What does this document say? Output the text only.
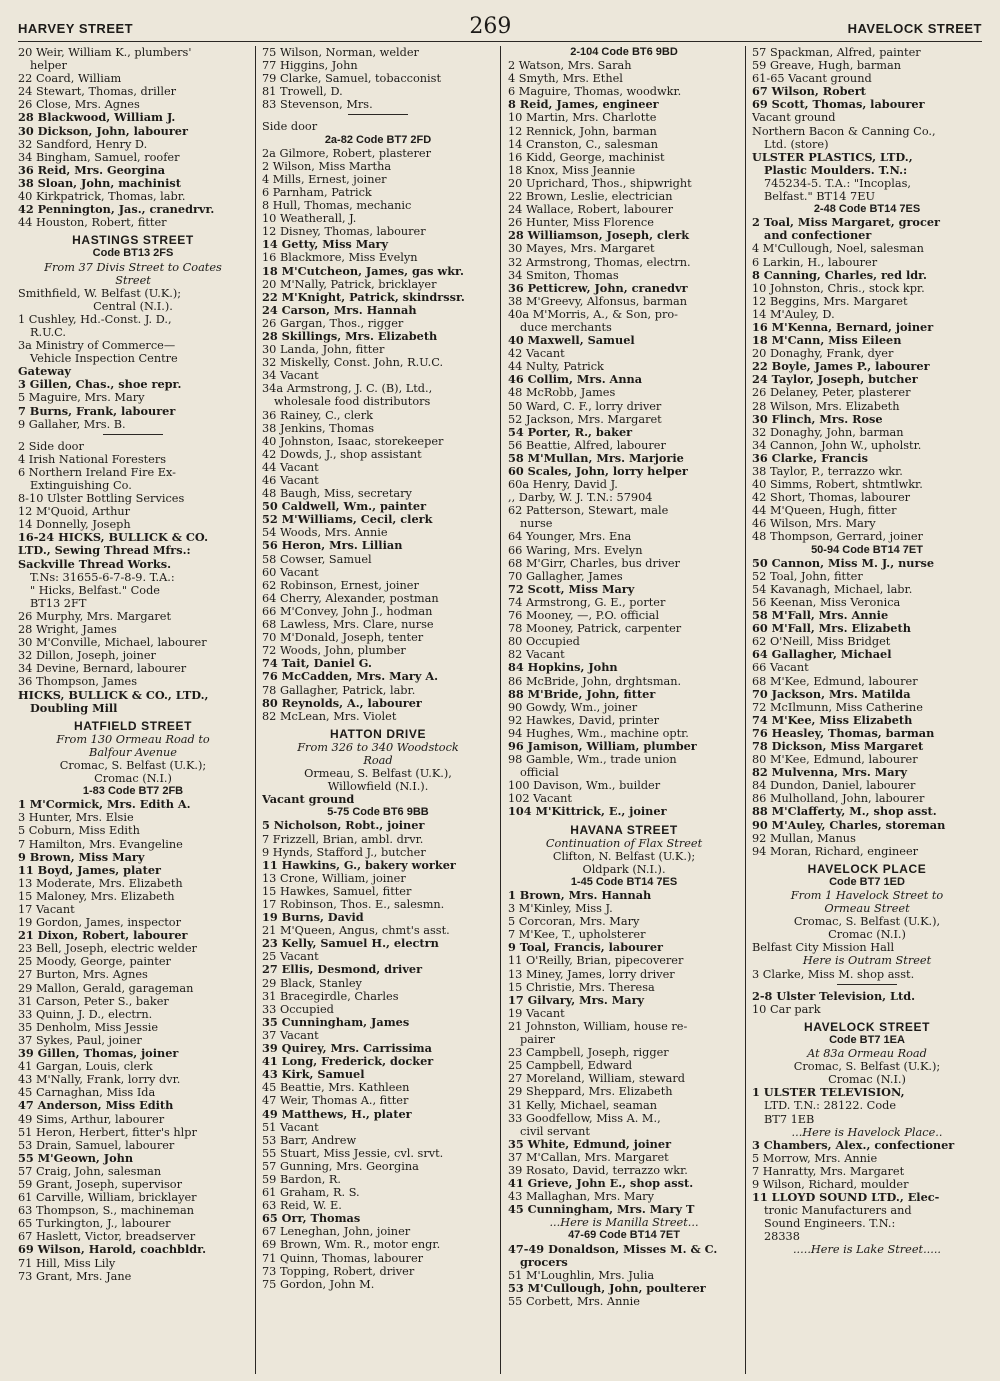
HARVEY STREET	269	HAVELOCK STREET
20 Weir, William K., plumbers'
helper
22 Coard, William
24 Stewart, Thomas, driller
26 Close, Mrs. Agnes
28 Blackwood, William J.
30 Dickson, John, labourer
32 Sandford, Henry D.
34 Bingham, Samuel, roofer
36 Reid, Mrs. Georgina
38 Sloan, John, machinist
40 Kirkpatrick, Thomas, labr.
42 Pennington, Jas., cranedrvr.
44 Houston, Robert, fitter
HASTINGS STREET
Code BT13 2FS
From 37 Divis Street to Coates
Street
Smithfield, W. Belfast (U.K.);
Central (N.I.).
1 Cushley, Hd.-Const. J. D.,
R.U.C.
3a Ministry of Commerce—
Vehicle Inspection Centre
Gateway
3 Gillen, Chas., shoe repr.
5 Maguire, Mrs. Mary
7 Burns, Frank, labourer
9 Gallaher, Mrs. B.
2 Side door
4 Irish National Foresters
6 Northern Ireland Fire Ex-
Extinguishing Co.
8-10 Ulster Bottling Services
12 M'Quoid, Arthur
14 Donnelly, Joseph
16-24 HICKS, BULLICK & CO.
LTD., Sewing Thread Mfrs.:
Sackville Thread Works.
T.Ns: 31655-6-7-8-9. T.A.:
" Hicks, Belfast." Code
BT13 2FT
26 Murphy, Mrs. Margaret
28 Wright, James
30 M'Conville, Michael, labourer
32 Dillon, Joseph, joiner
34 Devine, Bernard, labourer
36 Thompson, James
HICKS, BULLICK & CO., LTD.,
Doubling Mill
HATFIELD STREET
From 130 Ormeau Road to
Balfour Avenue
Cromac, S. Belfast (U.K.);
Cromac (N.I.)
1-83 Code BT7 2FB
1 M'Cormick, Mrs. Edith A.
3 Hunter, Mrs. Elsie
5 Coburn, Miss Edith
7 Hamilton, Mrs. Evangeline
9 Brown, Miss Mary
11 Boyd, James, plater
13 Moderate, Mrs. Elizabeth
15 Maloney, Mrs. Elizabeth
17 Vacant
19 Gordon, James, inspector
21 Dixon, Robert, labourer
23 Bell, Joseph, electric welder
25 Moody, George, painter
27 Burton, Mrs. Agnes
29 Mallon, Gerald, garageman
31 Carson, Peter S., baker
33 Quinn, J. D., electrn.
35 Denholm, Miss Jessie
37 Sykes, Paul, joiner
39 Gillen, Thomas, joiner
41 Gargan, Louis, clerk
43 M'Nally, Frank, lorry dvr.
45 Carnaghan, Miss Ida
47 Anderson, Miss Edith
49 Sims, Arthur, labourer
51 Heron, Herbert, fitter's hlpr
53 Drain, Samuel, labourer
55 M'Geown, John
57 Craig, John, salesman
59 Grant, Joseph, supervisor
61 Carville, William, bricklayer
63 Thompson, S., machineman
65 Turkington, J., labourer
67 Haslett, Victor, breadserver
69 Wilson, Harold, coachbldr.
71 Hill, Miss Lily
73 Grant, Mrs. Jane
75 Wilson, Norman, welder
77 Higgins, John
79 Clarke, Samuel, tobacconist
81 Trowell, D.
83 Stevenson, Mrs.
Side door
2a-82 Code BT7 2FD
2a Gilmore, Robert, plasterer
2 Wilson, Miss Martha
4 Mills, Ernest, joiner
6 Parnham, Patrick
8 Hull, Thomas, mechanic
10 Weatherall, J.
12 Disney, Thomas, labourer
14 Getty, Miss Mary
16 Blackmore, Miss Evelyn
18 M'Cutcheon, James, gas wkr.
20 M'Nally, Patrick, bricklayer
22 M'Knight, Patrick, skindrssr.
24 Carson, Mrs. Hannah
26 Gargan, Thos., rigger
28 Skillings, Mrs. Elizabeth
30 Landa, John, fitter
32 Miskelly, Const. John, R.U.C.
34 Vacant
34a Armstrong, J. C. (B), Ltd.,
wholesale food distributors
36 Rainey, C., clerk
38 Jenkins, Thomas
40 Johnston, Isaac, storekeeper
42 Dowds, J., shop assistant
44 Vacant
46 Vacant
48 Baugh, Miss, secretary
50 Caldwell, Wm., painter
52 M'Williams, Cecil, clerk
54 Woods, Mrs. Annie
56 Heron, Mrs. Lillian
58 Cowser, Samuel
60 Vacant
62 Robinson, Ernest, joiner
64 Cherry, Alexander, postman
66 M'Convey, John J., hodman
68 Lawless, Mrs. Clare, nurse
70 M'Donald, Joseph, tenter
72 Woods, John, plumber
74 Tait, Daniel G.
76 McCadden, Mrs. Mary A.
78 Gallagher, Patrick, labr.
80 Reynolds, A., labourer
82 McLean, Mrs. Violet
HATTON DRIVE
From 326 to 340 Woodstock
Road
Ormeau, S. Belfast (U.K.),
Willowfield (N.I.).
Vacant ground
5-75 Code BT6 9BB
5 Nicholson, Robt., joiner
7 Frizzell, Brian, ambl. drvr.
9 Hynds, Stafford J., butcher
11 Hawkins, G., bakery worker
13 Crone, William, joiner
15 Hawkes, Samuel, fitter
17 Robinson, Thos. E., salesmn.
19 Burns, David
21 M'Queen, Angus, chmt's asst.
23 Kelly, Samuel H., electrn
25 Vacant
27 Ellis, Desmond, driver
29 Black, Stanley
31 Bracegirdle, Charles
33 Occupied
35 Cunningham, James
37 Vacant
39 Quirey, Mrs. Carrissima
41 Long, Frederick, docker
43 Kirk, Samuel
45 Beattie, Mrs. Kathleen
47 Weir, Thomas A., fitter
49 Matthews, H., plater
51 Vacant
53 Barr, Andrew
55 Stuart, Miss Jessie, cvl. srvt.
57 Gunning, Mrs. Georgina
59 Bardon, R.
61 Graham, R. S.
63 Reid, W. E.
65 Orr, Thomas
67 Leneghan, John, joiner
69 Brown, Wm. R., motor engr.
71 Quinn, Thomas, labourer
73 Topping, Robert, driver
75 Gordon, John M.
2-104 Code BT6 9BD
2 Watson, Mrs. Sarah
4 Smyth, Mrs. Ethel
6 Maguire, Thomas, woodwkr.
8 Reid, James, engineer
10 Martin, Mrs. Charlotte
12 Rennick, John, barman
14 Cranston, C., salesman
16 Kidd, George, machinist
18 Knox, Miss Jeannie
20 Uprichard, Thos., shipwright
22 Brown, Leslie, electrician
24 Wallace, Robert, labourer
26 Hunter, Miss Florence
28 Williamson, Joseph, clerk
30 Mayes, Mrs. Margaret
32 Armstrong, Thomas, electrn.
34 Smiton, Thomas
36 Petticrew, John, cranedvr
38 M'Greevy, Alfonsus, barman
40a M'Morris, A., & Son, pro-
duce merchants
40 Maxwell, Samuel
42 Vacant
44 Nulty, Patrick
46 Collim, Mrs. Anna
48 McRobb, James
50 Ward, C. F., lorry driver
52 Jackson, Mrs. Margaret
54 Porter, R., baker
56 Beattie, Alfred, labourer
58 M'Mullan, Mrs. Marjorie
60 Scales, John, lorry helper
60a Henry, David J.
,, Darby, W. J. T.N.: 57904
62 Patterson, Stewart, male
nurse
64 Younger, Mrs. Ena
66 Waring, Mrs. Evelyn
68 M'Girr, Charles, bus driver
70 Gallagher, James
72 Scott, Miss Mary
74 Armstrong, G. E., porter
76 Mooney, —, P.O. official
78 Mooney, Patrick, carpenter
80 Occupied
82 Vacant
84 Hopkins, John
86 McBride, John, drghtsman.
88 M'Bride, John, fitter
90 Gowdy, Wm., joiner
92 Hawkes, David, printer
94 Hughes, Wm., machine optr.
96 Jamison, William, plumber
98 Gamble, Wm., trade union
official
100 Davison, Wm., builder
102 Vacant
104 M'Kittrick, E., joiner
HAVANA STREET
Continuation of Flax Street
Clifton, N. Belfast (U.K.);
Oldpark (N.I.).
1-45 Code BT14 7ES
1 Brown, Mrs. Hannah
3 M'Kinley, Miss J.
5 Corcoran, Mrs. Mary
7 M'Kee, T., upholsterer
9 Toal, Francis, labourer
11 O'Reilly, Brian, pipecoverer
13 Miney, James, lorry driver
15 Christie, Mrs. Theresa
17 Gilvary, Mrs. Mary
19 Vacant
21 Johnston, William, house re-
pairer
23 Campbell, Joseph, rigger
25 Campbell, Edward
27 Moreland, William, steward
29 Sheppard, Mrs. Elizabeth
31 Kelly, Michael, seaman
33 Goodfellow, Miss A. M.,
civil servant
35 White, Edmund, joiner
37 M'Callan, Mrs. Margaret
39 Rosato, David, terrazzo wkr.
41 Grieve, John E., shop asst.
43 Mallaghan, Mrs. Mary
45 Cunningham, Mrs. Mary T
...Here is Manilla Street...
47-69 Code BT14 7ET
47-49 Donaldson, Misses M. & C.
grocers
51 M'Loughlin, Mrs. Julia
53 M'Cullough, John, poulterer
55 Corbett, Mrs. Annie
57 Spackman, Alfred, painter
59 Greave, Hugh, barman
61-65 Vacant ground
67 Wilson, Robert
69 Scott, Thomas, labourer
Vacant ground
Northern Bacon & Canning Co.,
Ltd. (store)
ULSTER PLASTICS, LTD.,
Plastic Moulders. T.N.:
745234-5. T.A.: "Incoplas,
Belfast." BT14 7EU
2-48 Code BT14 7ES
2 Toal, Miss Margaret, grocer
and confectioner
4 M'Cullough, Noel, salesman
6 Larkin, H., labourer
8 Canning, Charles, red ldr.
10 Johnston, Chris., stock kpr.
12 Beggins, Mrs. Margaret
14 M'Auley, D.
16 M'Kenna, Bernard, joiner
18 M'Cann, Miss Eileen
20 Donaghy, Frank, dyer
22 Boyle, James P., labourer
24 Taylor, Joseph, butcher
26 Delaney, Peter, plasterer
28 Wilson, Mrs. Elizabeth
30 Flinch, Mrs. Rose
32 Donaghy, John, barman
34 Cannon, John W., upholstr.
36 Clarke, Francis
38 Taylor, P., terrazzo wkr.
40 Simms, Robert, shtmtlwkr.
42 Short, Thomas, labourer
44 M'Queen, Hugh, fitter
46 Wilson, Mrs. Mary
48 Thompson, Gerrard, joiner
50-94 Code BT14 7ET
50 Cannon, Miss M. J., nurse
52 Toal, John, fitter
54 Kavanagh, Michael, labr.
56 Keenan, Miss Veronica
58 M'Fall, Mrs. Annie
60 M'Fall, Mrs. Elizabeth
62 O'Neill, Miss Bridget
64 Gallagher, Michael
66 Vacant
68 M'Kee, Edmund, labourer
70 Jackson, Mrs. Matilda
72 McIlmunn, Miss Catherine
74 M'Kee, Miss Elizabeth
76 Heasley, Thomas, barman
78 Dickson, Miss Margaret
80 M'Kee, Edmund, labourer
82 Mulvenna, Mrs. Mary
84 Dundon, Daniel, labourer
86 Mulholland, John, labourer
88 M'Clafferty, M., shop asst.
90 M'Auley, Charles, storeman
92 Mullan, Manus
94 Moran, Richard, engineer
HAVELOCK PLACE
Code BT7 1ED
From 1 Havelock Street to
Ormeau Street
Cromac, S. Belfast (U.K.),
Cromac (N.I.)
Belfast City Mission Hall
Here is Outram Street
3 Clarke, Miss M. shop asst.
2-8 Ulster Television, Ltd.
10 Car park
HAVELOCK STREET
Code BT7 1EA
At 83a Ormeau Road
Cromac, S. Belfast (U.K.);
Cromac (N.I.)
1 ULSTER TELEVISION,
LTD. T.N.: 28122. Code
BT7 1EB
...Here is Havelock Place..
3 Chambers, Alex., confectioner
5 Morrow, Mrs. Annie
7 Hanratty, Mrs. Margaret
9 Wilson, Richard, moulder
11 LLOYD SOUND LTD., Elec-
tronic Manufacturers and
Sound Engineers. T.N.:
28338
.....Here is Lake Street.....
